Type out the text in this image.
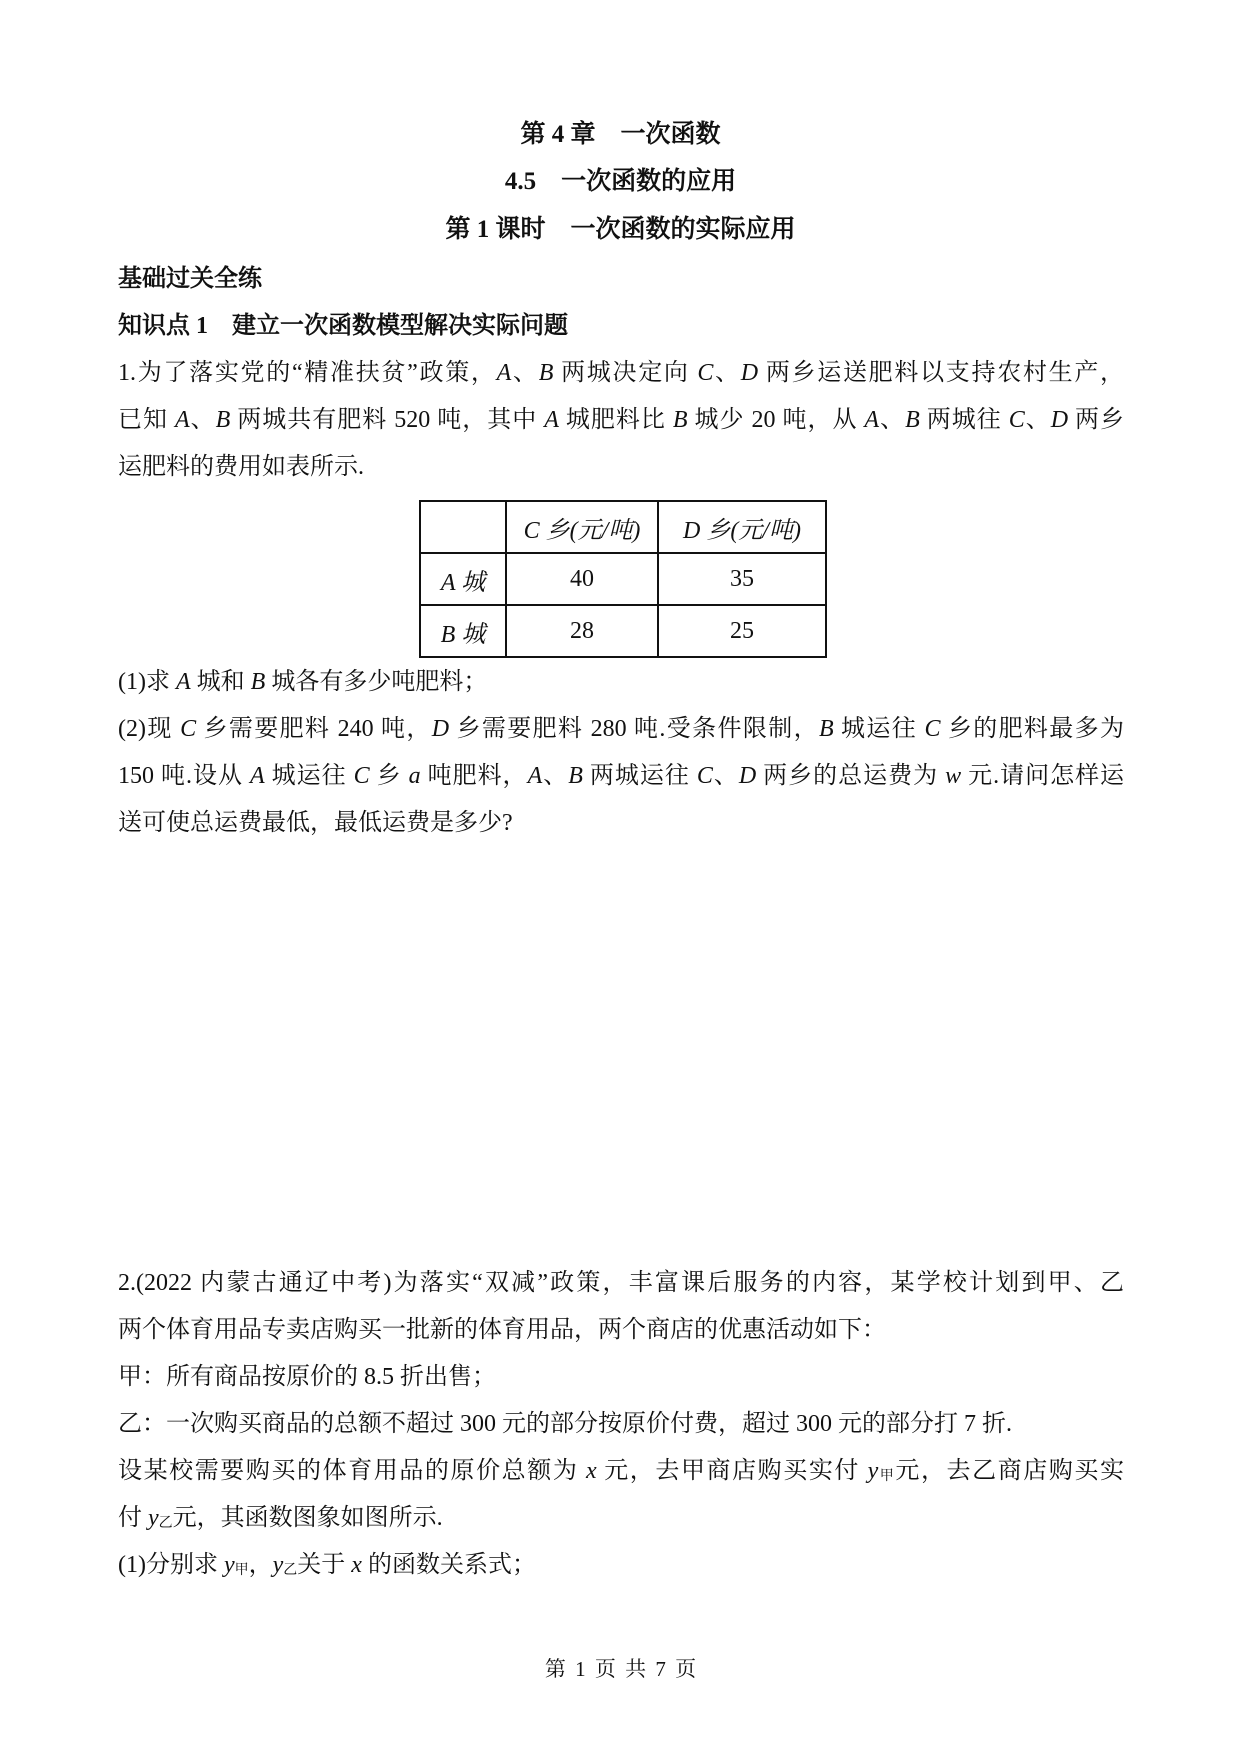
第 4 章　一次函数
4.5　一次函数的应用
第 1 课时　一次函数的实际应用
基础过关全练
知识点 1　建立一次函数模型解决实际问题
1.为了落实党的“精准扶贫”政策，A、B 两城决定向 C、D 两乡运送肥料以支持农村生产，
已知 A、B 两城共有肥料 520 吨，其中 A 城肥料比 B 城少 20 吨，从 A、B 两城往 C、D 两乡
运肥料的费用如表所示.
	C 乡(元/吨)	D 乡(元/吨)
A 城	40	35
B 城	28	25
(1)求 A 城和 B 城各有多少吨肥料；
(2)现 C 乡需要肥料 240 吨，D 乡需要肥料 280 吨.受条件限制，B 城运往 C 乡的肥料最多为
150 吨.设从 A 城运往 C 乡 a 吨肥料，A、B 两城运往 C、D 两乡的总运费为 w 元.请问怎样运
送可使总运费最低，最低运费是多少?
2.(2022 内蒙古通辽中考)为落实“双减”政策，丰富课后服务的内容，某学校计划到甲、乙
两个体育用品专卖店购买一批新的体育用品，两个商店的优惠活动如下：
甲：所有商品按原价的 8.5 折出售；
乙：一次购买商品的总额不超过 300 元的部分按原价付费，超过 300 元的部分打 7 折.
设某校需要购买的体育用品的原价总额为 x 元，去甲商店购买实付 y甲元，去乙商店购买实
付 y乙元，其函数图象如图所示.
(1)分别求 y甲，y乙关于 x 的函数关系式；
第 1 页 共 7 页
